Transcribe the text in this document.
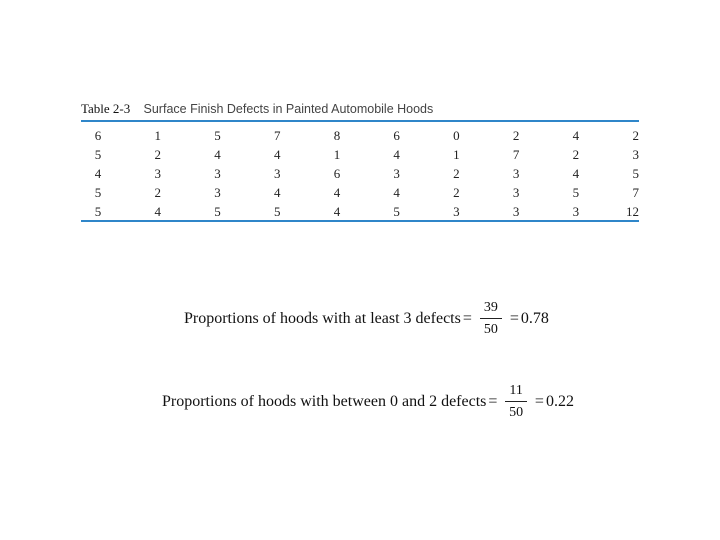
Table 2-3 Surface Finish Defects in Painted Automobile Hoods
6	1	5	7	8	6	0	2	4	2
5	2	4	4	1	4	1	7	2	3
4	3	3	3	6	3	2	3	4	5
5	2	3	4	4	4	2	3	5	7
5	4	5	5	4	5	3	3	3	12
Proportions of hoods with at least 3 defects = $\frac{39}{50} = 0.78$
Proportions of hoods with between 0 and 2 defects = $\frac{11}{50} = 0.22$
